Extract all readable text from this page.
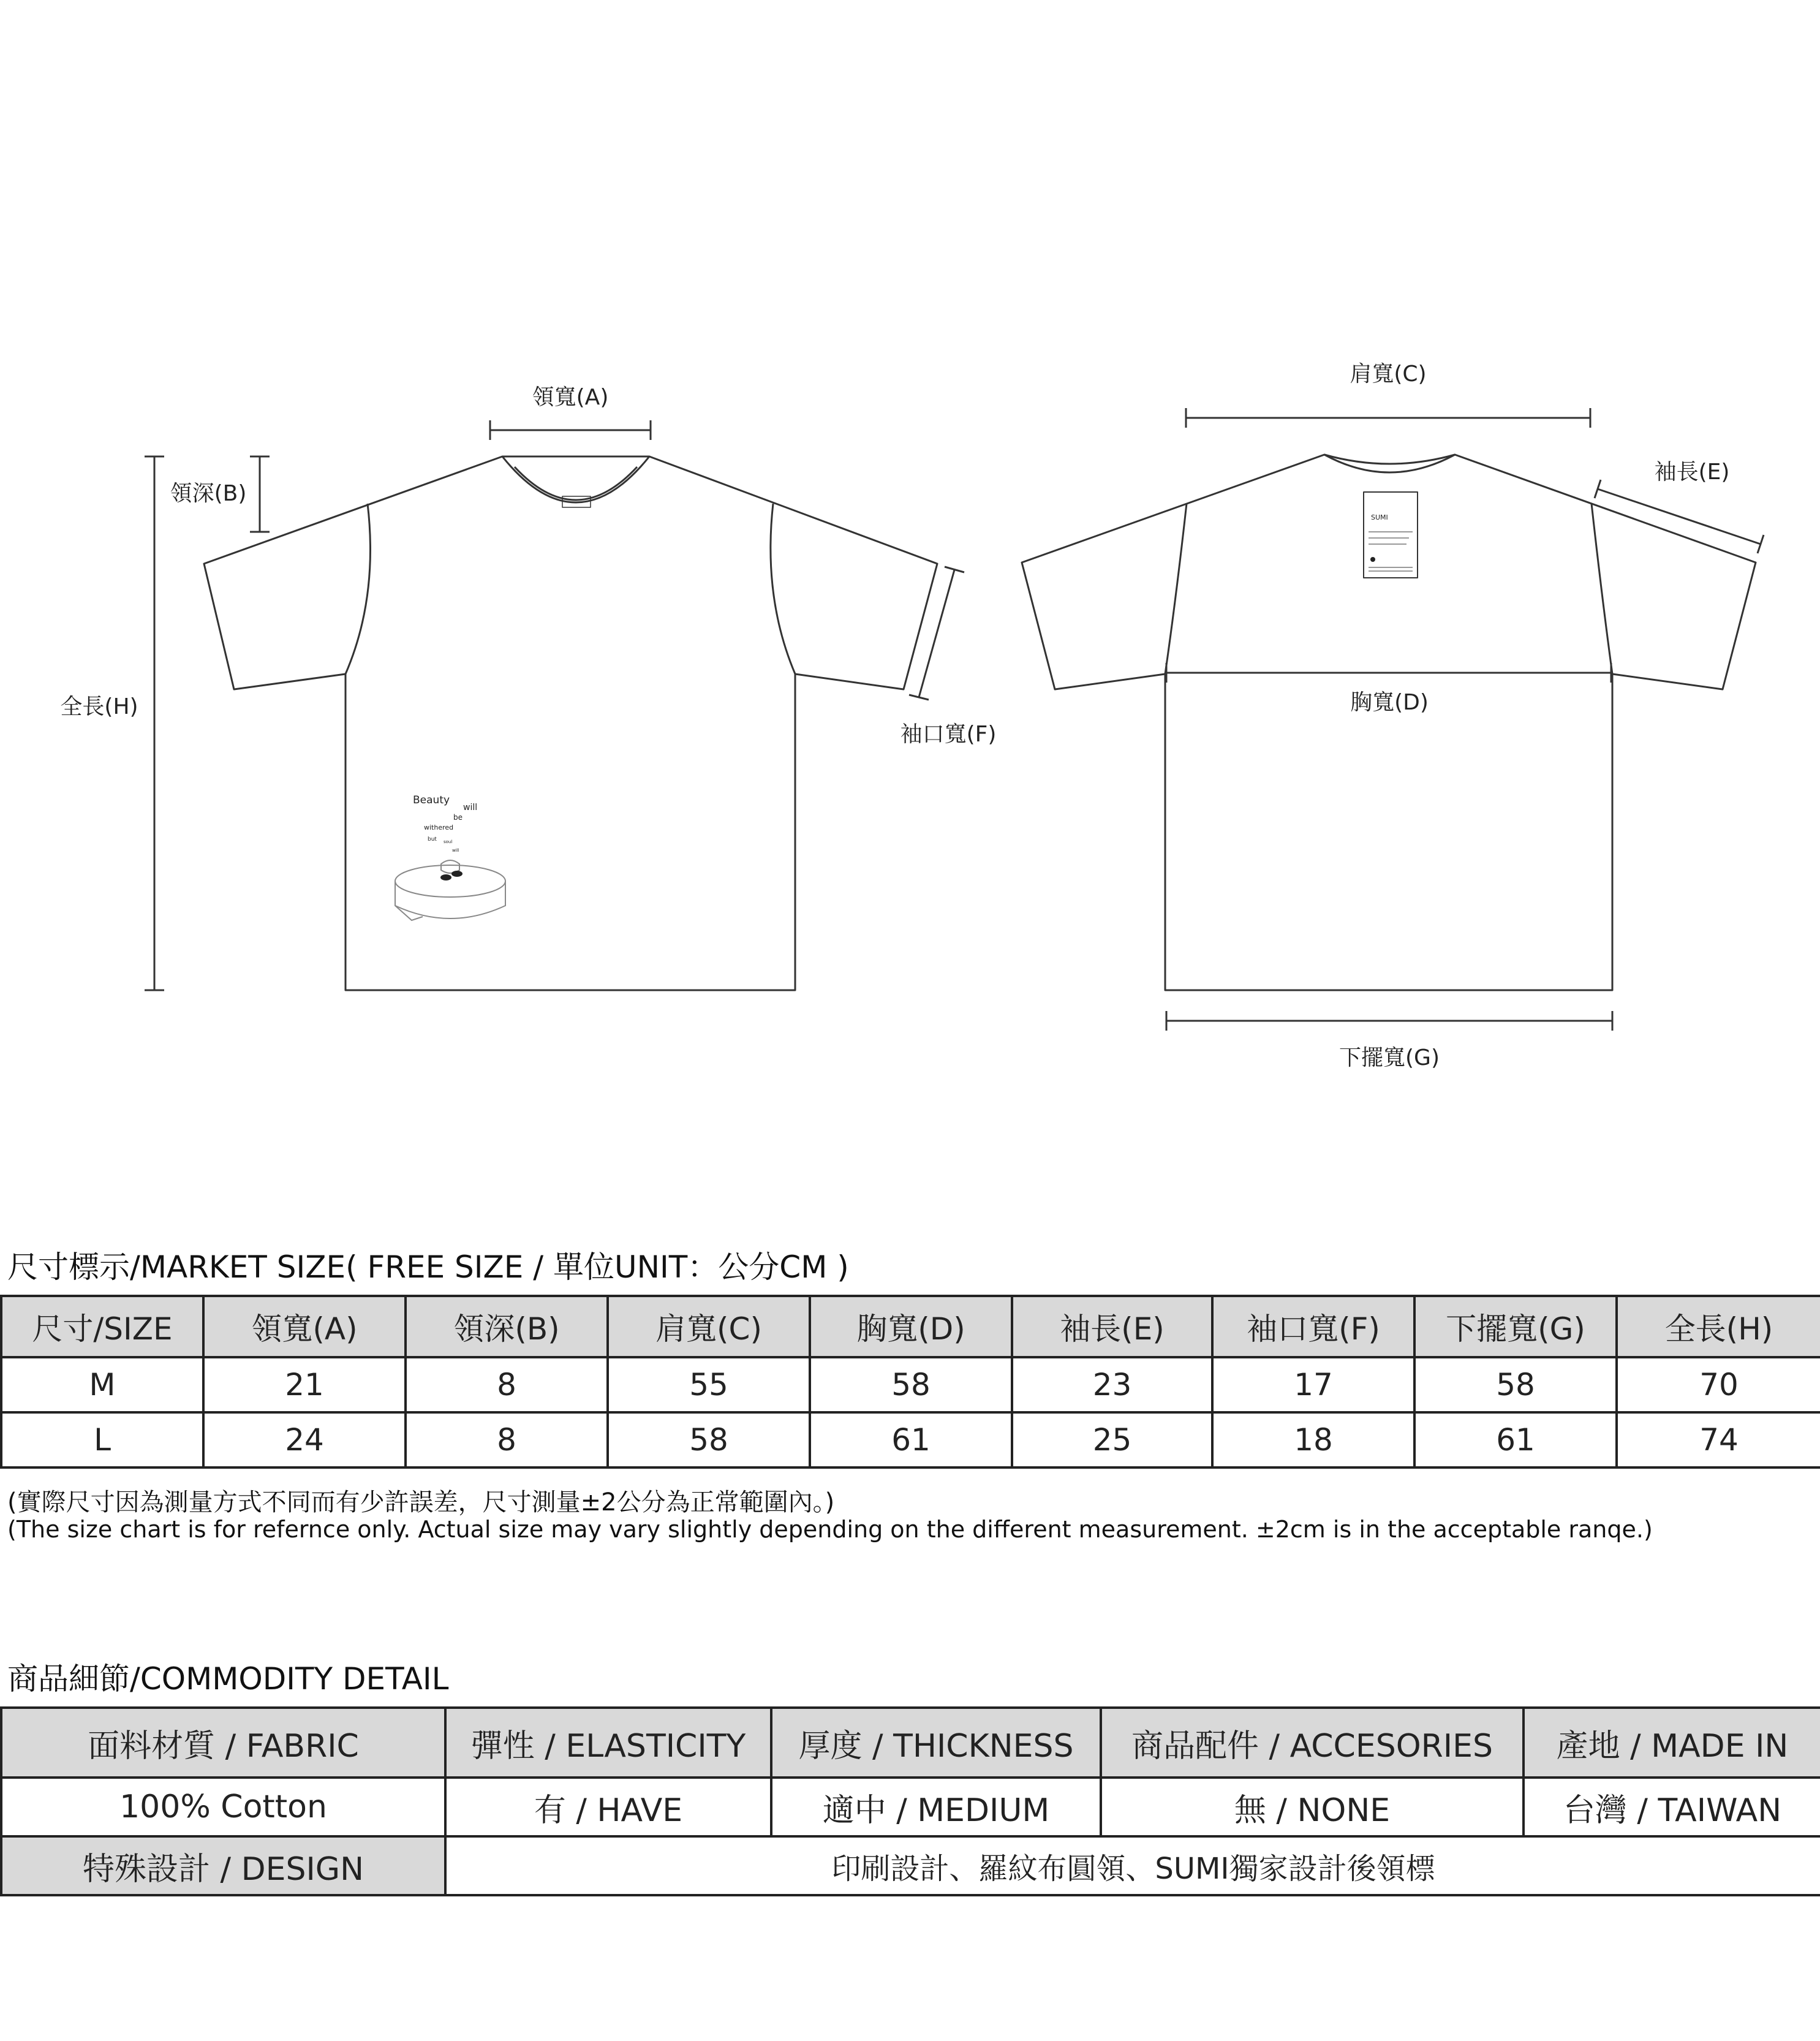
Beauty
will
be
withered
but soul
will
SUMI
領寬(A)
領深(B)
全長(H)
袖口寬(F)
肩寬(C)
袖長(E)
胸寬(D)
下擺寬(G)
尺寸標示/MARKET SIZE( FREE SIZE / 單位UNIT：公分CM )
尺寸/SIZE	領寬(A)	領深(B)	肩寬(C)	胸寬(D)	袖長(E)	袖口寬(F)	下擺寬(G)	全長(H)
M	21	8	55	58	23	17	58	70
L	24	8	58	61	25	18	61	74
(實際尺寸因為測量方式不同而有少許誤差，尺寸測量±2公分為正常範圍內。)
(The size chart is for refernce only. Actual size may vary slightly depending on the different measurement. ±2cm is in the acceptable ranqe.)
商品細節/COMMODITY DETAIL
面料材質 / FABRIC	彈性 / ELASTICITY	厚度 / THICKNESS	商品配件 / ACCESORIES	產地 / MADE IN
100% Cotton	有 / HAVE	適中 / MEDIUM	無 / NONE	台灣 / TAIWAN
特殊設計 / DESIGN	印刷設計、羅紋布圓領、SUMI獨家設計後領標			
